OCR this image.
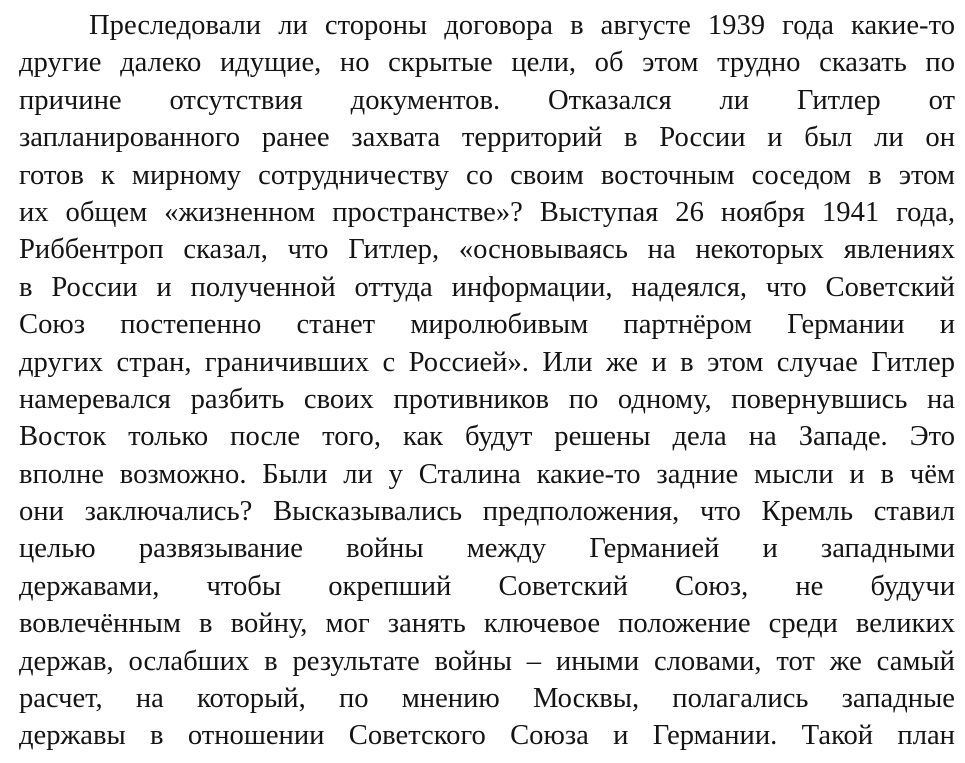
Преследовали ли стороны договора в августе 1939 года какие-то
другие далеко идущие, но скрытые цели, об этом трудно сказать по
причине отсутствия документов. Отказался ли Гитлер от
запланированного ранее захвата территорий в России и был ли он
готов к мирному сотрудничеству со своим восточным соседом в этом
их общем «жизненном пространстве»? Выступая 26 ноября 1941 года,
Риббентроп сказал, что Гитлер, «основываясь на некоторых явлениях
в России и полученной оттуда информации, надеялся, что Советский
Союз постепенно станет миролюбивым партнёром Германии и
других стран, граничивших с Россией». Или же и в этом случае Гитлер
намеревался разбить своих противников по одному, повернувшись на
Восток только после того, как будут решены дела на Западе. Это
вполне возможно. Были ли у Сталина какие-то задние мысли и в чём
они заключались? Высказывались предположения, что Кремль ставил
целью развязывание войны между Германией и западными
державами, чтобы окрепший Советский Союз, не будучи
вовлечённым в войну, мог занять ключевое положение среди великих
держав, ослабших в результате войны – иными словами, тот же самый
расчет, на который, по мнению Москвы, полагались западные
державы в отношении Советского Союза и Германии. Такой план
